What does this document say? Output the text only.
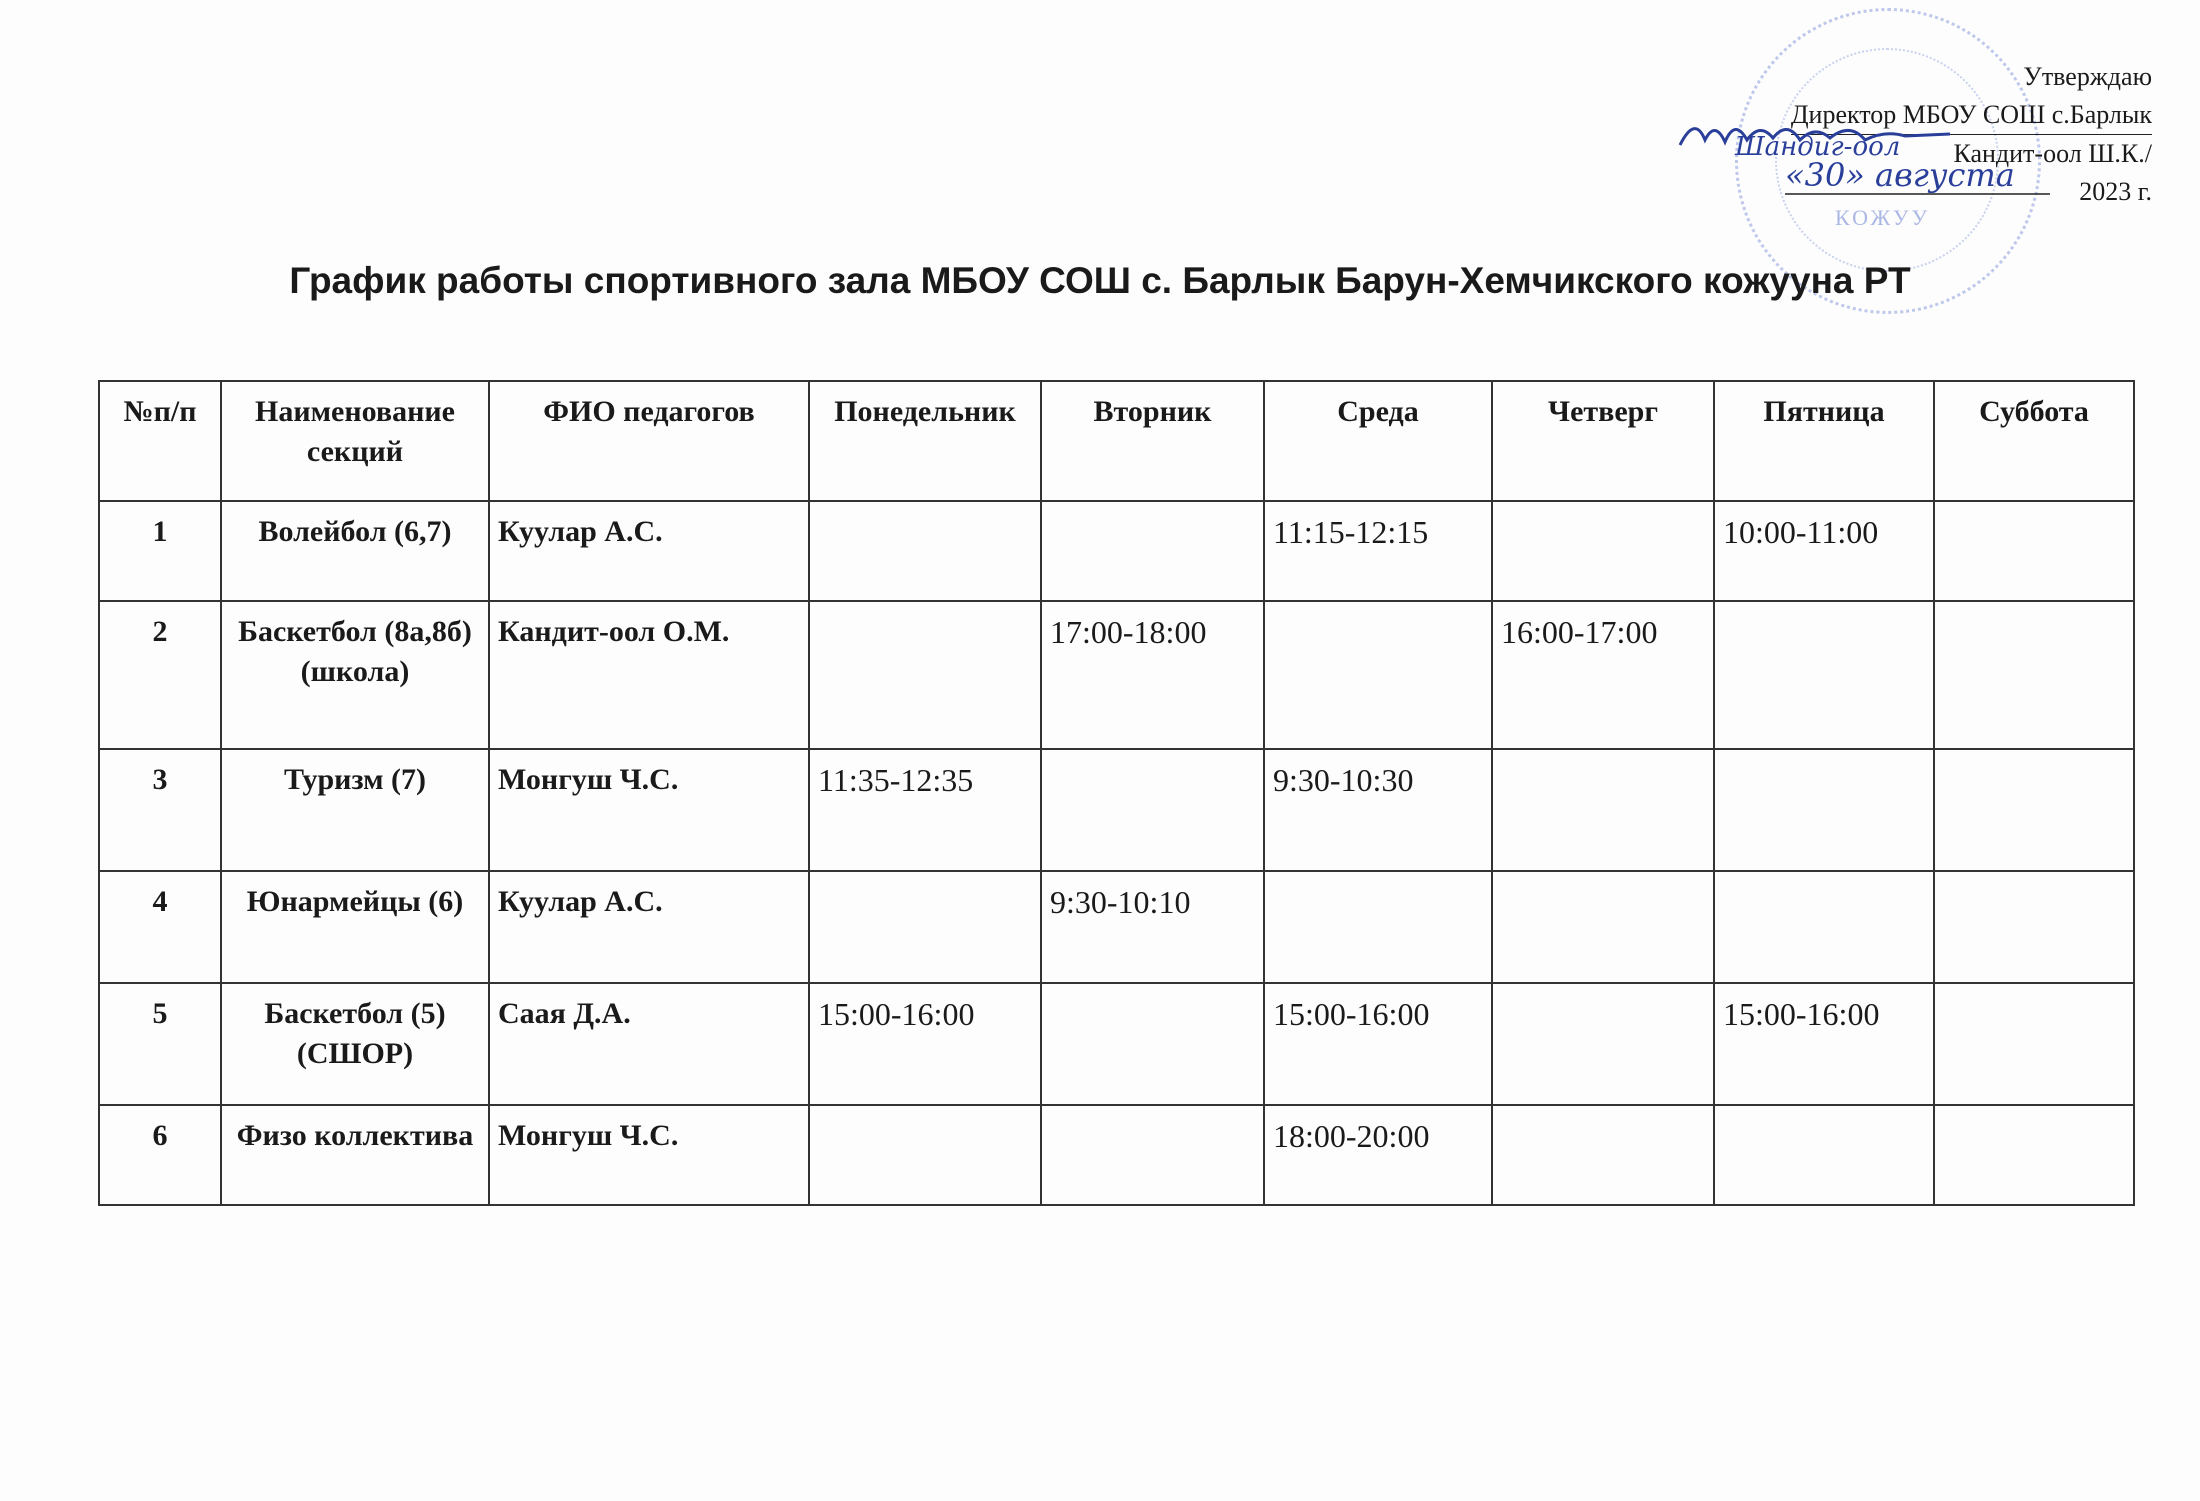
КОЖУУ
Утверждаю
Директор МБОУ СОШ с.Барлык
Кандит-оол Ш.К./
2023 г.
Шандиг-оол
«30» августа
График работы спортивного зала МБОУ СОШ с. Барлык Барун-Хемчикского кожууна РТ
№п/п	Наименование секций	ФИО педагогов	Понедельник	Вторник	Среда	Четверг	Пятница	Суббота
1	Волейбол (6,7)	Куулар А.С.			11:15-12:15		10:00-11:00	
2	Баскетбол (8а,8б) (школа)	Кандит-оол О.М.		17:00-18:00		16:00-17:00		
3	Туризм (7)	Монгуш Ч.С.	11:35-12:35		9:30-10:30			
4	Юнармейцы (6)	Куулар А.С.		9:30-10:10				
5	Баскетбол (5) (СШОР)	Саая Д.А.	15:00-16:00		15:00-16:00		15:00-16:00	
6	Физо коллектива	Монгуш Ч.С.			18:00-20:00			
